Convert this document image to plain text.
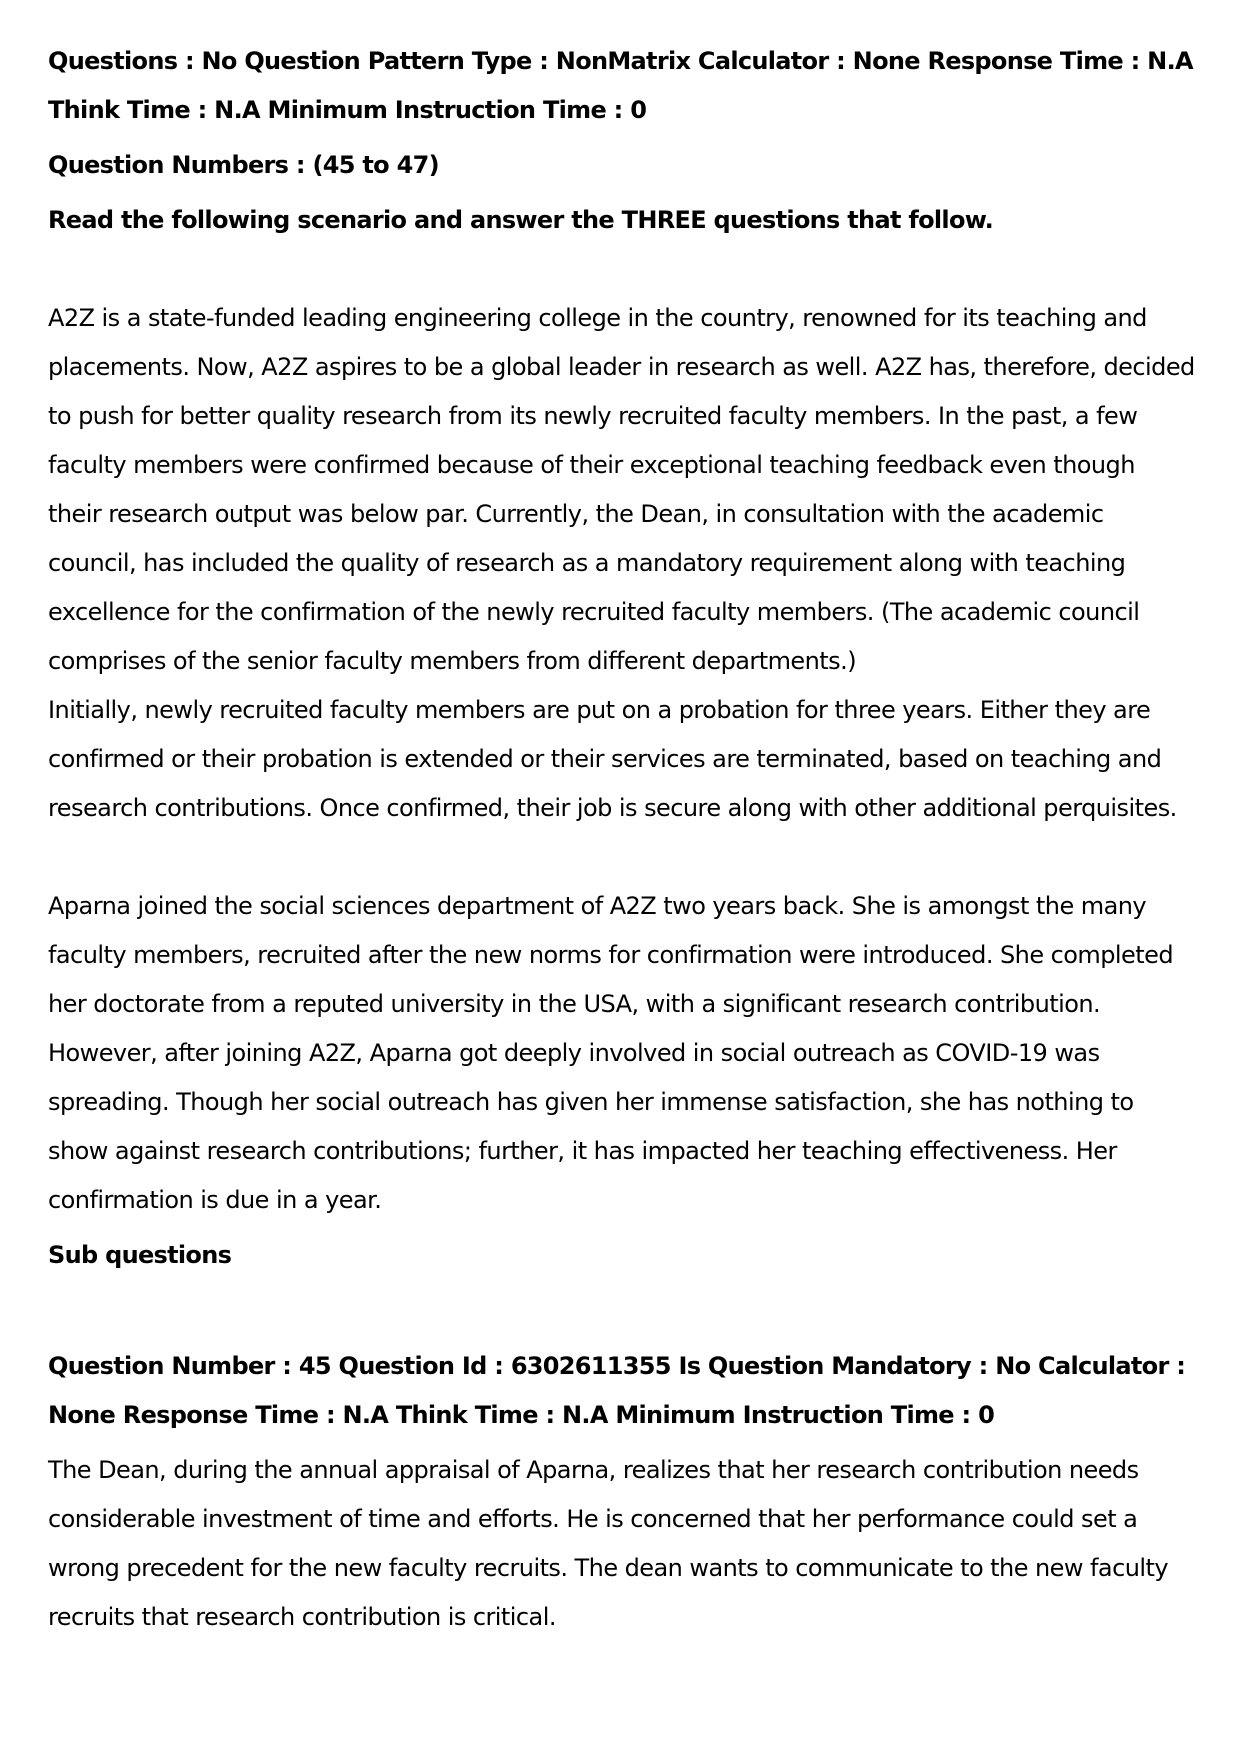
Questions : No Question Pattern Type : NonMatrix Calculator : None Response Time : N.A
Think Time : N.A Minimum Instruction Time : 0
Question Numbers : (45 to 47)
Read the following scenario and answer the THREE questions that follow.
A2Z is a state-funded leading engineering college in the country, renowned for its teaching and
placements. Now, A2Z aspires to be a global leader in research as well. A2Z has, therefore, decided
to push for better quality research from its newly recruited faculty members. In the past, a few
faculty members were confirmed because of their exceptional teaching feedback even though
their research output was below par. Currently, the Dean, in consultation with the academic
council, has included the quality of research as a mandatory requirement along with teaching
excellence for the confirmation of the newly recruited faculty members. (The academic council
comprises of the senior faculty members from different departments.)
Initially, newly recruited faculty members are put on a probation for three years. Either they are
confirmed or their probation is extended or their services are terminated, based on teaching and
research contributions. Once confirmed, their job is secure along with other additional perquisites.
Aparna joined the social sciences department of A2Z two years back. She is amongst the many
faculty members, recruited after the new norms for confirmation were introduced. She completed
her doctorate from a reputed university in the USA, with a significant research contribution.
However, after joining A2Z, Aparna got deeply involved in social outreach as COVID-19 was
spreading. Though her social outreach has given her immense satisfaction, she has nothing to
show against research contributions; further, it has impacted her teaching effectiveness. Her
confirmation is due in a year.
Sub questions
Question Number : 45 Question Id : 6302611355 Is Question Mandatory : No Calculator :
None Response Time : N.A Think Time : N.A Minimum Instruction Time : 0
The Dean, during the annual appraisal of Aparna, realizes that her research contribution needs
considerable investment of time and efforts. He is concerned that her performance could set a
wrong precedent for the new faculty recruits. The dean wants to communicate to the new faculty
recruits that research contribution is critical.
